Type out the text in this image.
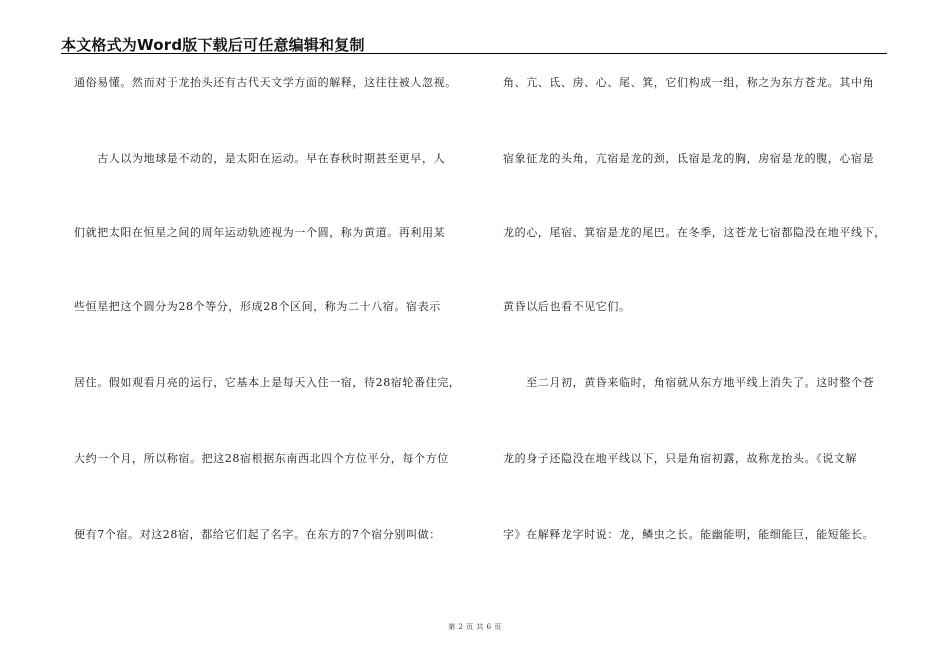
本文格式为Word版下载后可任意编辑和复制
通俗易懂。然而对于龙抬头还有古代天文学方面的解释，这往往被人忽视。
　　古人以为地球是不动的，是太阳在运动。早在春秋时期甚至更早，人
们就把太阳在恒星之间的周年运动轨迹视为一个圆，称为黄道。再利用某
些恒星把这个圆分为28个等分，形成28个区间，称为二十八宿。宿表示
居住。假如观看月亮的运行，它基本上是每天入住一宿，待28宿轮番住完，
大约一个月，所以称宿。把这28宿根据东南西北四个方位平分，每个方位
便有7个宿。对这28宿，都给它们起了名字。在东方的7个宿分别叫做：
角、亢、氐、房、心、尾、箕，它们构成一组，称之为东方苍龙。其中角
宿象征龙的头角，亢宿是龙的颈，氐宿是龙的胸，房宿是龙的腹，心宿是
龙的心，尾宿、箕宿是龙的尾巴。在冬季，这苍龙七宿都隐没在地平线下，
黄昏以后也看不见它们。
　　至二月初，黄昏来临时，角宿就从东方地平线上消失了。这时整个苍
龙的身子还隐没在地平线以下，只是角宿初露，故称龙抬头。《说文解
字》在解释龙字时说：龙，鳞虫之长。能幽能明，能细能巨，能短能长。
第 2 页 共 6 页
